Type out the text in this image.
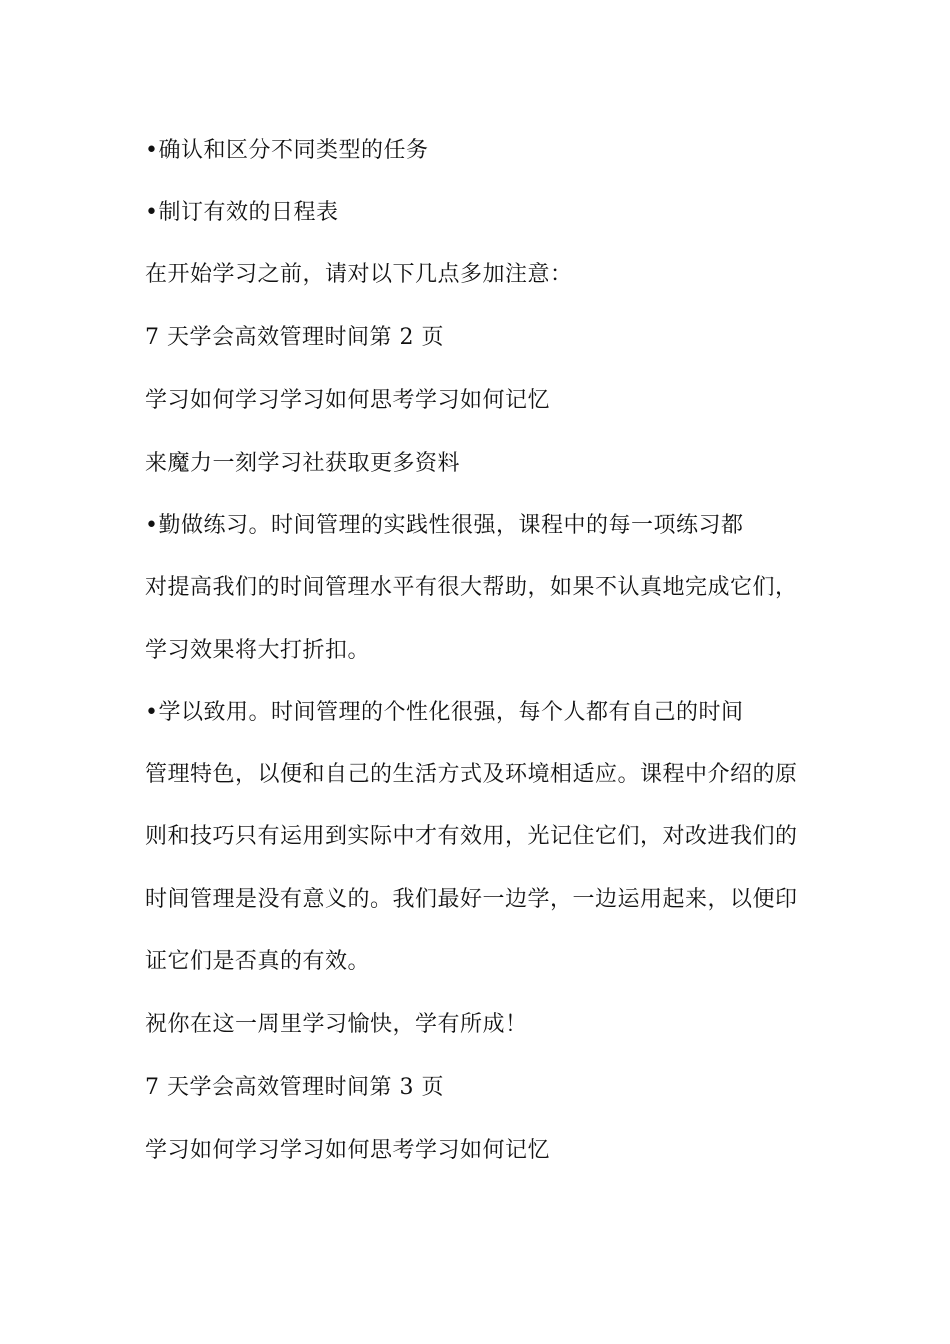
•确认和区分不同类型的任务
•制订有效的日程表
在开始学习之前，请对以下几点多加注意：
7 天学会高效管理时间第 2 页
学习如何学习学习如何思考学习如何记忆
来魔力一刻学习社获取更多资料
•勤做练习。时间管理的实践性很强，课程中的每一项练习都
对提高我们的时间管理水平有很大帮助，如果不认真地完成它们，
学习效果将大打折扣。
•学以致用。时间管理的个性化很强，每个人都有自己的时间
管理特色，以便和自己的生活方式及环境相适应。课程中介绍的原
则和技巧只有运用到实际中才有效用，光记住它们，对改进我们的
时间管理是没有意义的。我们最好一边学，一边运用起来，以便印
证它们是否真的有效。
祝你在这一周里学习愉快，学有所成！
7 天学会高效管理时间第 3 页
学习如何学习学习如何思考学习如何记忆
